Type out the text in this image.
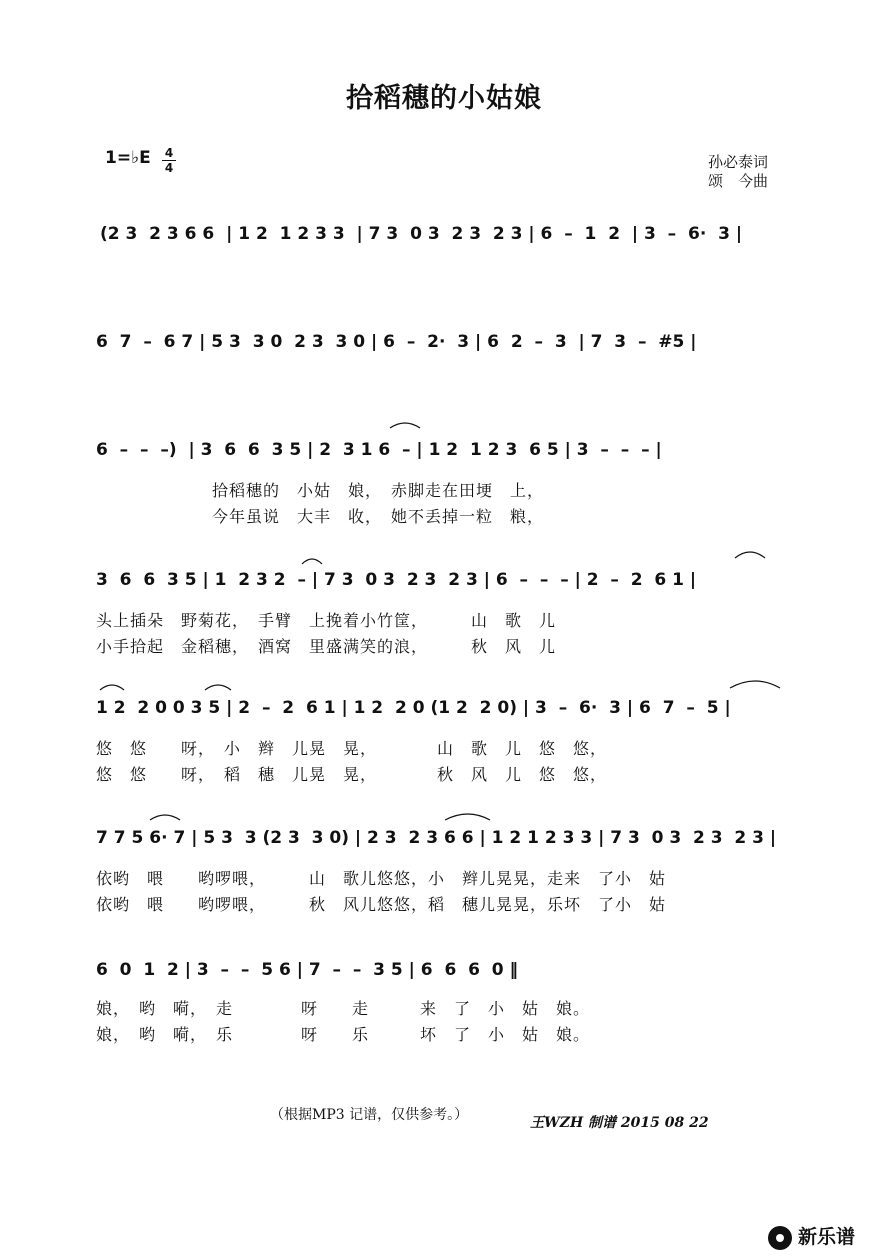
拾稻穗的小姑娘
1=♭E 4
4	孙必泰词
颂　今曲
(2 3  2 3 6 6  | 1 2  1 2 3 3  | 7 3  0 3  2 3  2 3 | 6  –  1  2  | 3  –  6·  3 |
6  7  –  6 7 | 5 3  3 0  2 3  3 0 | 6  –  2·  3 | 6  2  –  3  | 7  3  –  #5 |
6  –  –  –)  | 3  6  6  3 5 | 2  3 1 6  – | 1 2  1 2 3  6 5 | 3  –  –  – |
拾稻穗的　小姑　娘，　赤脚走在田埂　上，
今年虽说　大丰　收，　她不丢掉一粒　粮，
3  6  6  3 5 | 1  2 3 2  – | 7 3  0 3  2 3  2 3 | 6  –  –  – | 2  –  2  6 1 |
头上插朵　野菊花，　手臂　上挽着小竹筐，　　　山　歌　儿
小手拾起　金稻穗，　酒窝　里盛满笑的浪，　　　秋　风　儿
1 2  2 0 0 3 5 | 2  –  2  6 1 | 1 2  2 0 (1 2  2 0) | 3  –  6·  3 | 6  7  –  5 |
悠　悠　　呀，　小　辫　儿晃　晃，　　　　山　歌　儿　悠　悠，
悠　悠　　呀，　稻　穗　儿晃　晃，　　　　秋　风　儿　悠　悠，
7 7 5 6· 7 | 5 3  3 (2 3  3 0) | 2 3  2 3 6 6 | 1 2 1 2 3 3 | 7 3  0 3  2 3  2 3 |
依哟　喂　　哟啰喂，　　　山　歌儿悠悠，小　辫儿晃晃，走来　了小　姑
依哟　喂　　哟啰喂，　　　秋　风儿悠悠，稻　穗儿晃晃，乐坏　了小　姑
6  0  1  2 | 3  –  –  5 6 | 7  –  –  3 5 | 6  6  6  0 ‖
娘，　哟　嗬，　走　　　　呀　　走　　　来　了　小　姑　娘。
娘，　哟　嗬，　乐　　　　呀　　乐　　　坏　了　小　姑　娘。
（根据MP3 记谱，仅供参考。）	王WZH 制谱 2015 08 22
新乐谱
